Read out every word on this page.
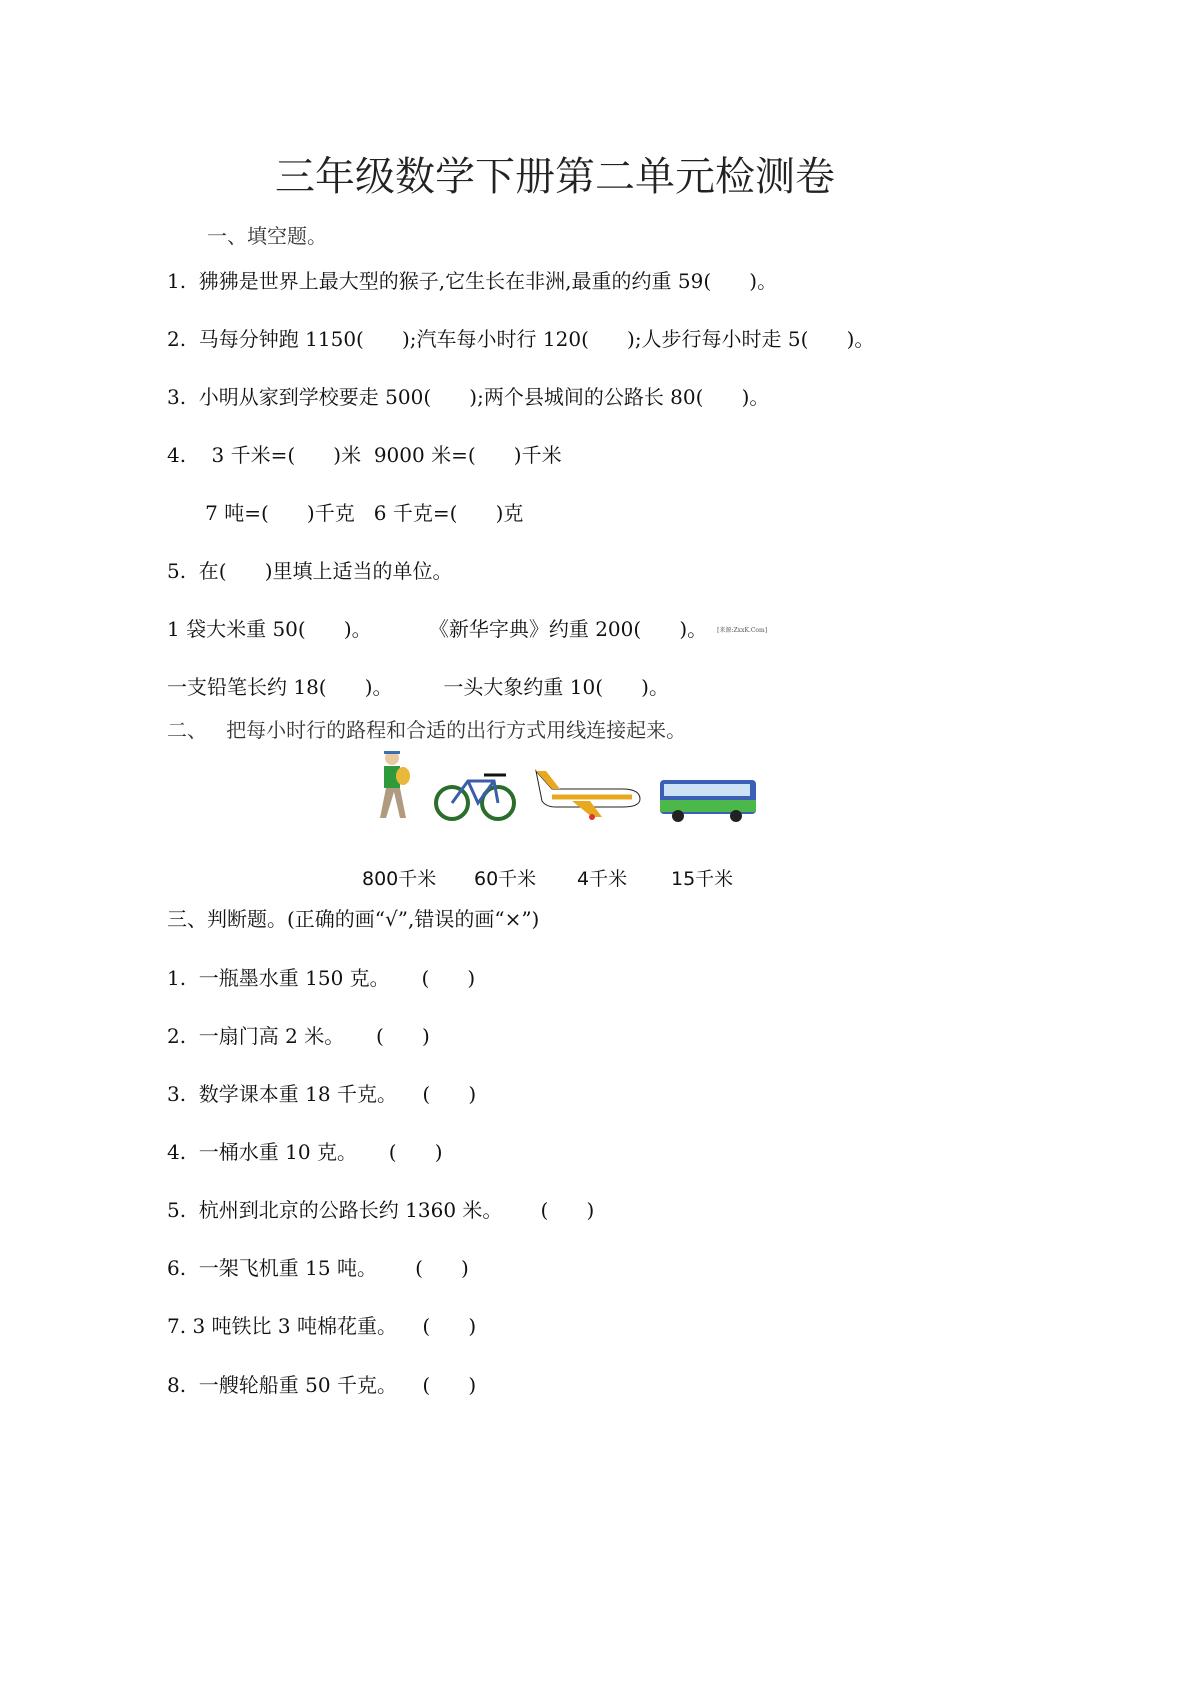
三年级数学下册第二单元检测卷
一、填空题。
1.  狒狒是世界上最大型的猴子,它生长在非洲,最重的约重 59(      )。
2.  马每分钟跑 1150(      );汽车每小时行 120(      );人步行每小时走 5(      )。
3.  小明从家到学校要走 500(      );两个县城间的公路长 80(      )。
4.    3 千米=(      )米  9000 米=(      )千米
7 吨=(      )千克   6 千克=(      )克
5.  在(      )里填上适当的单位。
1 袋大米重 50(      )。         《新华字典》约重 200(      )。 [来源:ZxxK.Com]
一支铅笔长约 18(      )。        一头大象约重 10(      )。
二、   把每小时行的路程和合适的出行方式用线连接起来。
800千米 60千米 4千米 15千米
三、判断题。(正确的画“√”,错误的画“×”)
1.  一瓶墨水重 150 克。     (      )
2.  一扇门高 2 米。     (      )
3.  数学课本重 18 千克。    (      )
4.  一桶水重 10 克。     (      )
5.  杭州到北京的公路长约 1360 米。      (      )
6.  一架飞机重 15 吨。      (      )
7. 3 吨铁比 3 吨棉花重。    (      )
8.  一艘轮船重 50 千克。    (      )
